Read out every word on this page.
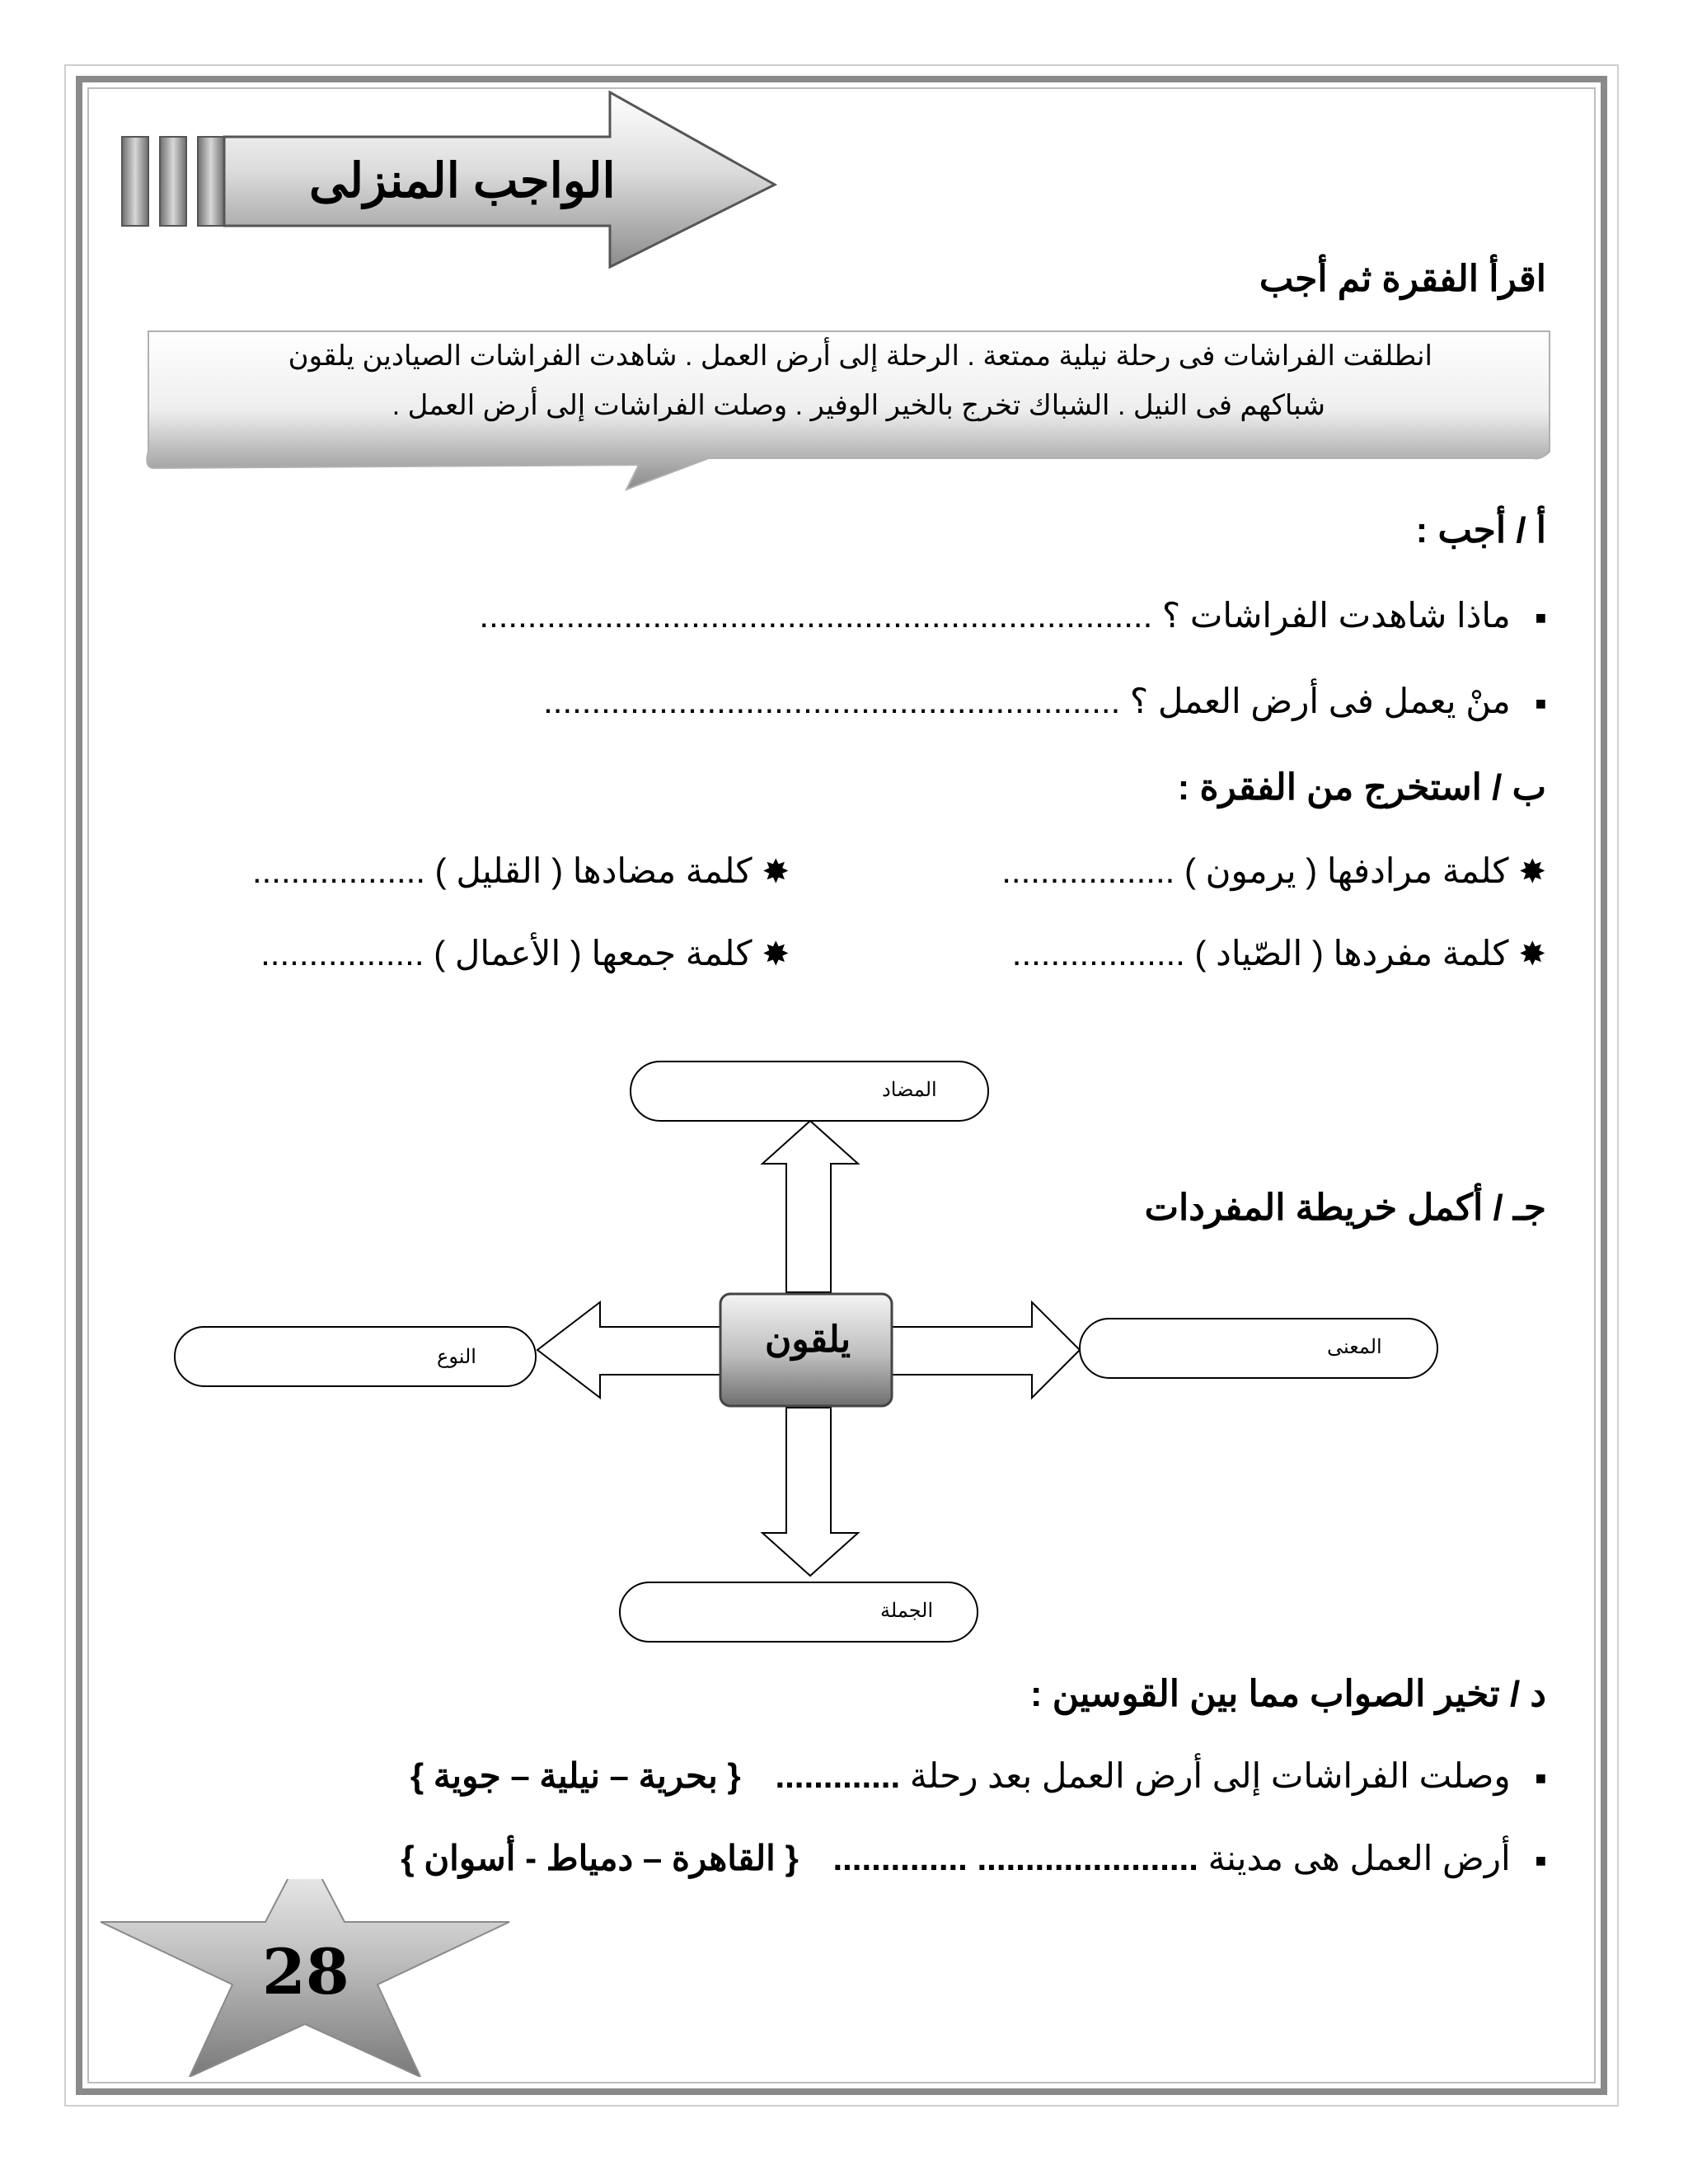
الواجب المنزلى
اقرأ الفقرة ثم أجب
انطلقت الفراشات فى رحلة نيلية ممتعة . الرحلة إلى أرض العمل . شاهدت الفراشات الصيادين يلقون
شباكهم فى النيل . الشباك تخرج بالخير الوفير . وصلت الفراشات إلى أرض العمل .
أ / أجب :
■ماذا شاهدت الفراشات ؟ ......................................................................
■منْ يعمل فى أرض العمل ؟ ............................................................
ب / استخرج من الفقرة :
✸كلمة مرادفها ( يرمون ) ..................
✸كلمة مضادها ( القليل ) ..................
✸كلمة مفردها ( الصّياد ) ..................
✸كلمة جمعها ( الأعمال ) .................
جـ / أكمل خريطة المفردات
يلقون
المضاد
المعنى
النوع
الجملة
د / تخير الصواب مما بين القوسين :
■وصلت الفراشات إلى أرض العمل بعد رحلة ............. { بحرية – نيلية – جوية }
■أرض العمل هى مدينة ....................... .............. { القاهرة – دمياط - أسوان }
28
